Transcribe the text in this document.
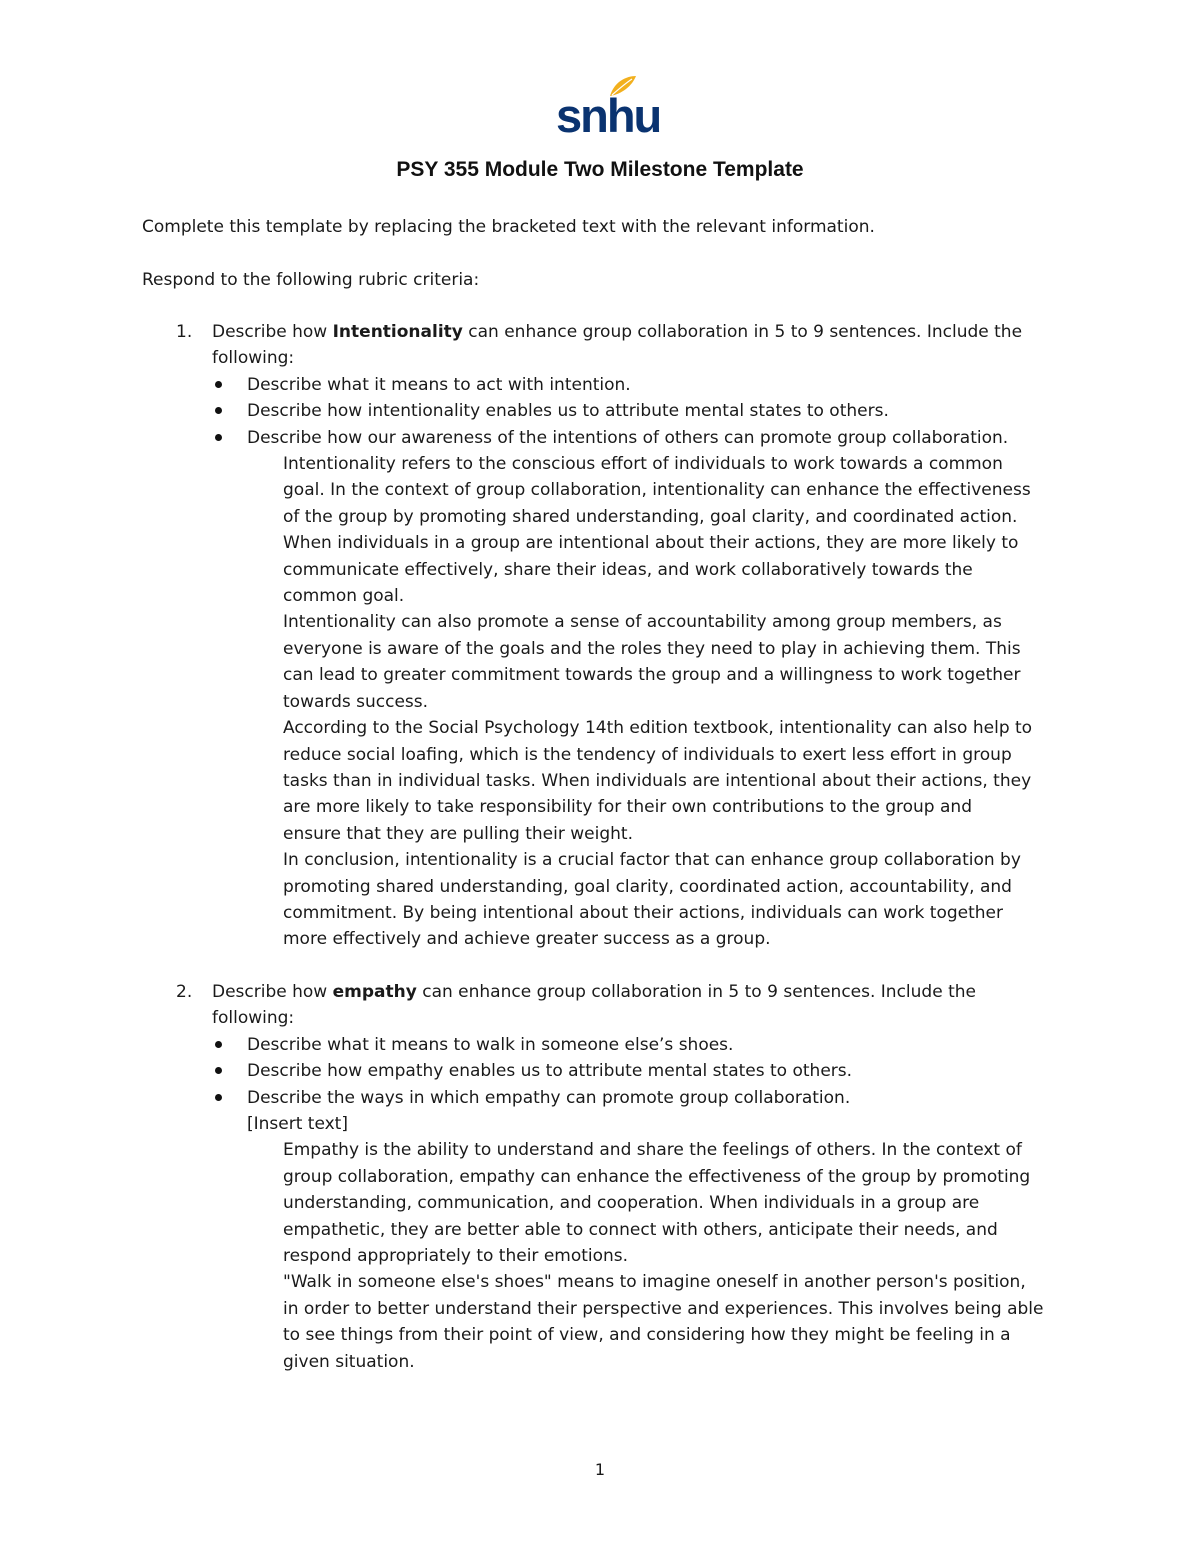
snhu
PSY 355 Module Two Milestone Template
Complete this template by replacing the bracketed text with the relevant information.
Respond to the following rubric criteria:
1. Describe how Intentionality can enhance group collaboration in 5 to 9 sentences. Include the
following:
Describe what it means to act with intention.
Describe how intentionality enables us to attribute mental states to others.
Describe how our awareness of the intentions of others can promote group collaboration.
Intentionality refers to the conscious effort of individuals to work towards a common
goal. In the context of group collaboration, intentionality can enhance the effectiveness
of the group by promoting shared understanding, goal clarity, and coordinated action.
When individuals in a group are intentional about their actions, they are more likely to
communicate effectively, share their ideas, and work collaboratively towards the
common goal.
Intentionality can also promote a sense of accountability among group members, as
everyone is aware of the goals and the roles they need to play in achieving them. This
can lead to greater commitment towards the group and a willingness to work together
towards success.
According to the Social Psychology 14th edition textbook, intentionality can also help to
reduce social loafing, which is the tendency of individuals to exert less effort in group
tasks than in individual tasks. When individuals are intentional about their actions, they
are more likely to take responsibility for their own contributions to the group and
ensure that they are pulling their weight.
In conclusion, intentionality is a crucial factor that can enhance group collaboration by
promoting shared understanding, goal clarity, coordinated action, accountability, and
commitment. By being intentional about their actions, individuals can work together
more effectively and achieve greater success as a group.
2. Describe how empathy can enhance group collaboration in 5 to 9 sentences. Include the
following:
Describe what it means to walk in someone else’s shoes.
Describe how empathy enables us to attribute mental states to others.
Describe the ways in which empathy can promote group collaboration.
[Insert text]
Empathy is the ability to understand and share the feelings of others. In the context of
group collaboration, empathy can enhance the effectiveness of the group by promoting
understanding, communication, and cooperation. When individuals in a group are
empathetic, they are better able to connect with others, anticipate their needs, and
respond appropriately to their emotions.
"Walk in someone else's shoes" means to imagine oneself in another person's position,
in order to better understand their perspective and experiences. This involves being able
to see things from their point of view, and considering how they might be feeling in a
given situation.
1
